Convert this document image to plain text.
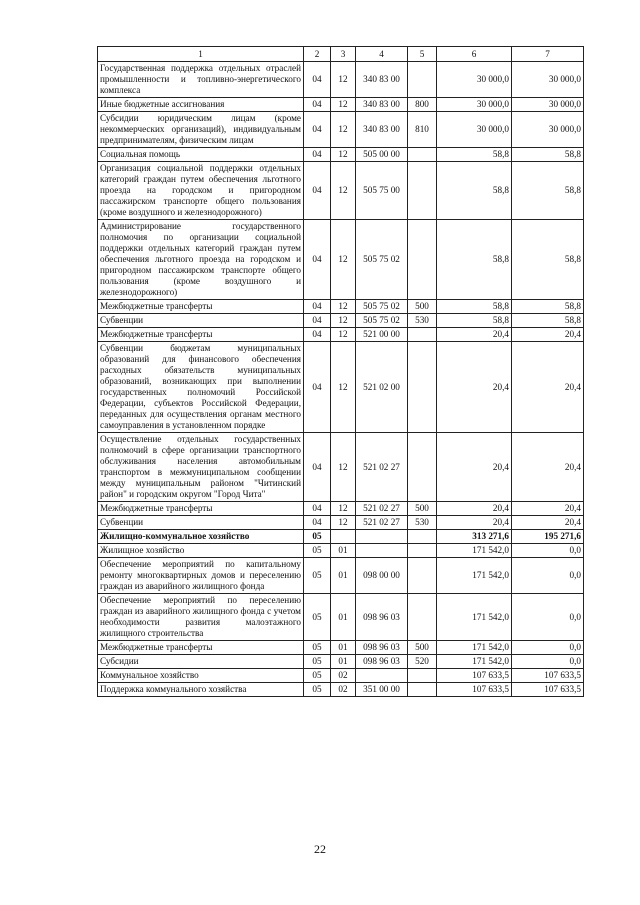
1	2	3	4	5	6	7
Государственная поддержка отдельных отраслей промышленности и топливно-энергетического комплекса	04	12	340 83 00		30 000,0	30 000,0
Иные бюджетные ассигнования	04	12	340 83 00	800	30 000,0	30 000,0
Субсидии юридическим лицам (кроме некоммерческих организаций), индивидуальным предпринимателям, физическим лицам	04	12	340 83 00	810	30 000,0	30 000,0
Социальная помощь	04	12	505 00 00		58,8	58,8
Организация социальной поддержки отдельных категорий граждан путем обеспечения льготного проезда на городском и пригородном пассажирском транспорте общего пользования (кроме воздушного и железнодорожного)	04	12	505 75 00		58,8	58,8
Администрирование государственного полномочия по организации социальной поддержки отдельных категорий граждан путем обеспечения льготного проезда на городском и пригородном пассажирском транспорте общего пользования (кроме воздушного и железнодорожного)	04	12	505 75 02		58,8	58,8
Межбюджетные трансферты	04	12	505 75 02	500	58,8	58,8
Субвенции	04	12	505 75 02	530	58,8	58,8
Межбюджетные трансферты	04	12	521 00 00		20,4	20,4
Субвенции бюджетам муниципальных образований для финансового обеспечения расходных обязательств муниципальных образований, возникающих при выполнении государственных полномочий Российской Федерации, субъектов Российской Федерации, переданных для осуществления органам местного самоуправления в установленном порядке	04	12	521 02 00		20,4	20,4
Осуществление отдельных государственных полномочий в сфере организации транспортного обслуживания населения автомобильным транспортом в межмуниципальном сообщении между муниципальным районом "Читинский район" и городским округом "Город Чита"	04	12	521 02 27		20,4	20,4
Межбюджетные трансферты	04	12	521 02 27	500	20,4	20,4
Субвенции	04	12	521 02 27	530	20,4	20,4
Жилищно-коммунальное хозяйство	05				313 271,6	195 271,6
Жилищное хозяйство	05	01			171 542,0	0,0
Обеспечение мероприятий по капитальному ремонту многоквартирных домов и переселению граждан из аварийного жилищного фонда	05	01	098 00 00		171 542,0	0,0
Обеспечение мероприятий по переселению граждан из аварийного жилищного фонда с учетом необходимости развития малоэтажного жилищного строительства	05	01	098 96 03		171 542,0	0,0
Межбюджетные трансферты	05	01	098 96 03	500	171 542,0	0,0
Субсидии	05	01	098 96 03	520	171 542,0	0,0
Коммунальное хозяйство	05	02			107 633,5	107 633,5
Поддержка коммунального хозяйства	05	02	351 00 00		107 633,5	107 633,5
22
